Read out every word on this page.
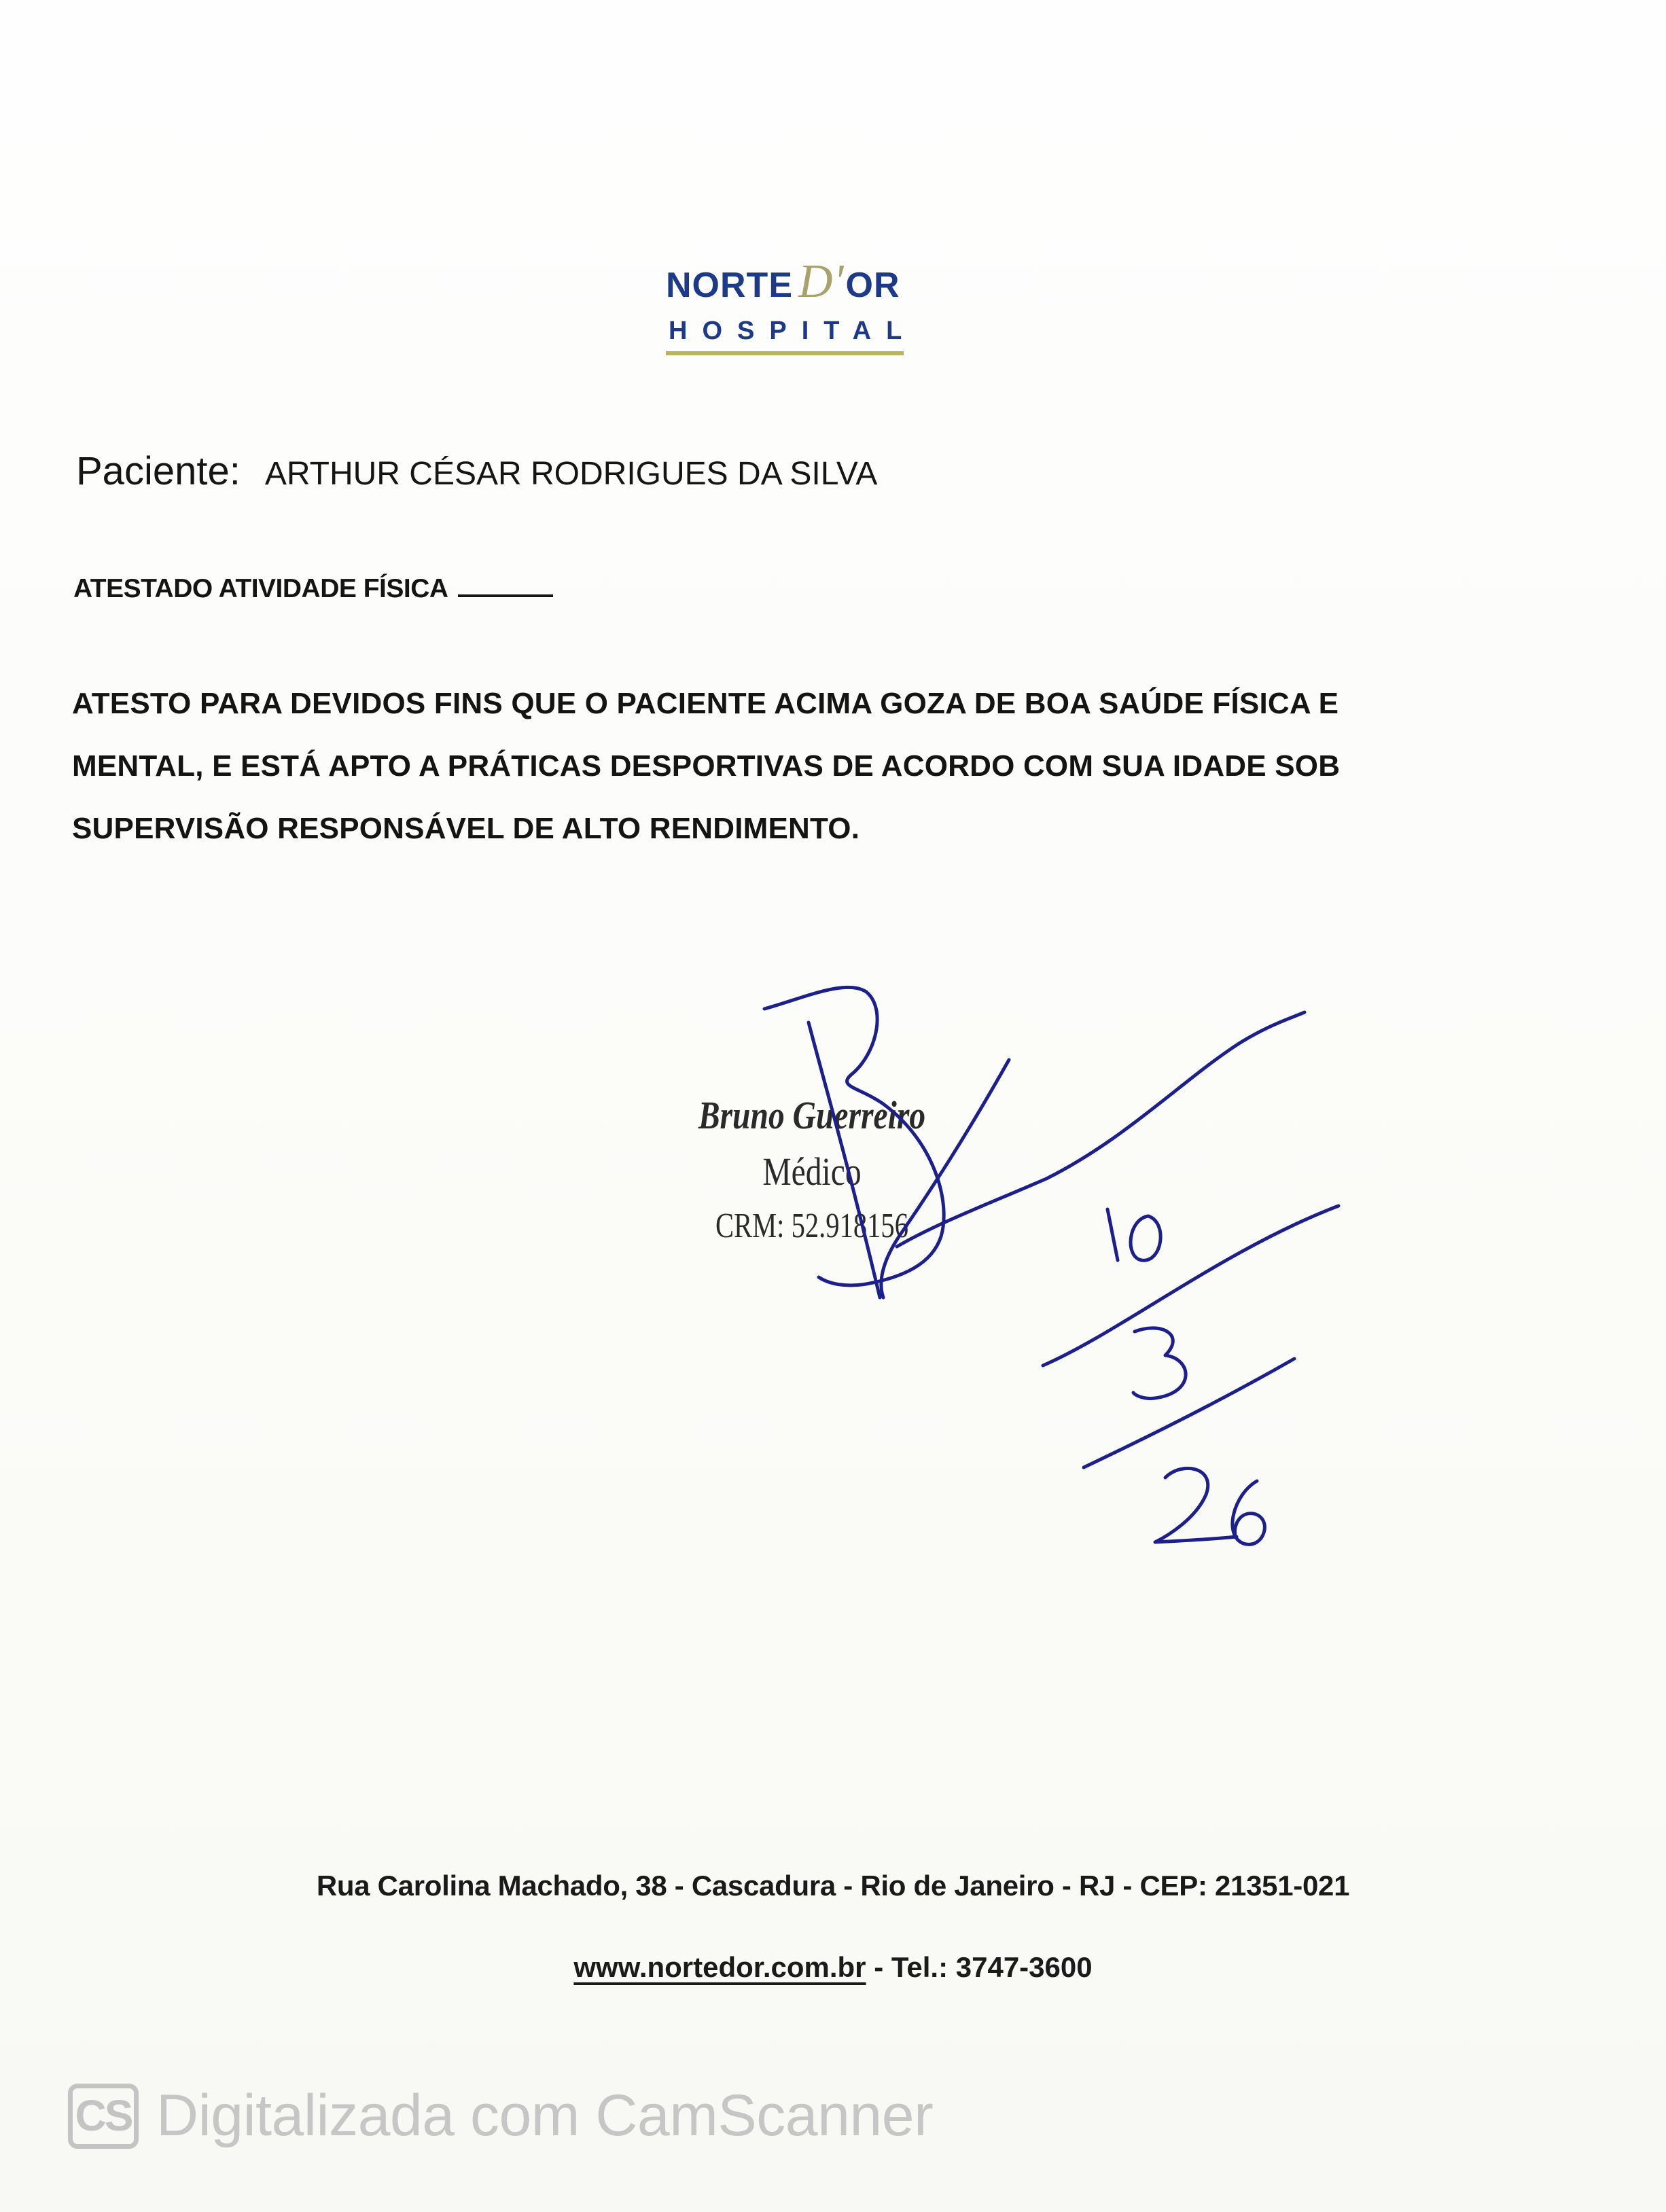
NORTE D'OR
HOSPITAL
Paciente: ARTHUR CÉSAR RODRIGUES DA SILVA
ATESTADO ATIVIDADE FÍSICA
ATESTO PARA DEVIDOS FINS QUE O PACIENTE ACIMA GOZA DE BOA SAÚDE FÍSICA E
MENTAL, E ESTÁ APTO A PRÁTICAS DESPORTIVAS DE ACORDO COM SUA IDADE SOB
SUPERVISÃO RESPONSÁVEL DE ALTO RENDIMENTO.
Bruno Guerreiro
Médico
CRM: 52.918156
Rua Carolina Machado, 38 - Cascadura - Rio de Janeiro - RJ - CEP: 21351-021
www.nortedor.com.br - Tel.: 3747-3600
CS Digitalizada com CamScanner
